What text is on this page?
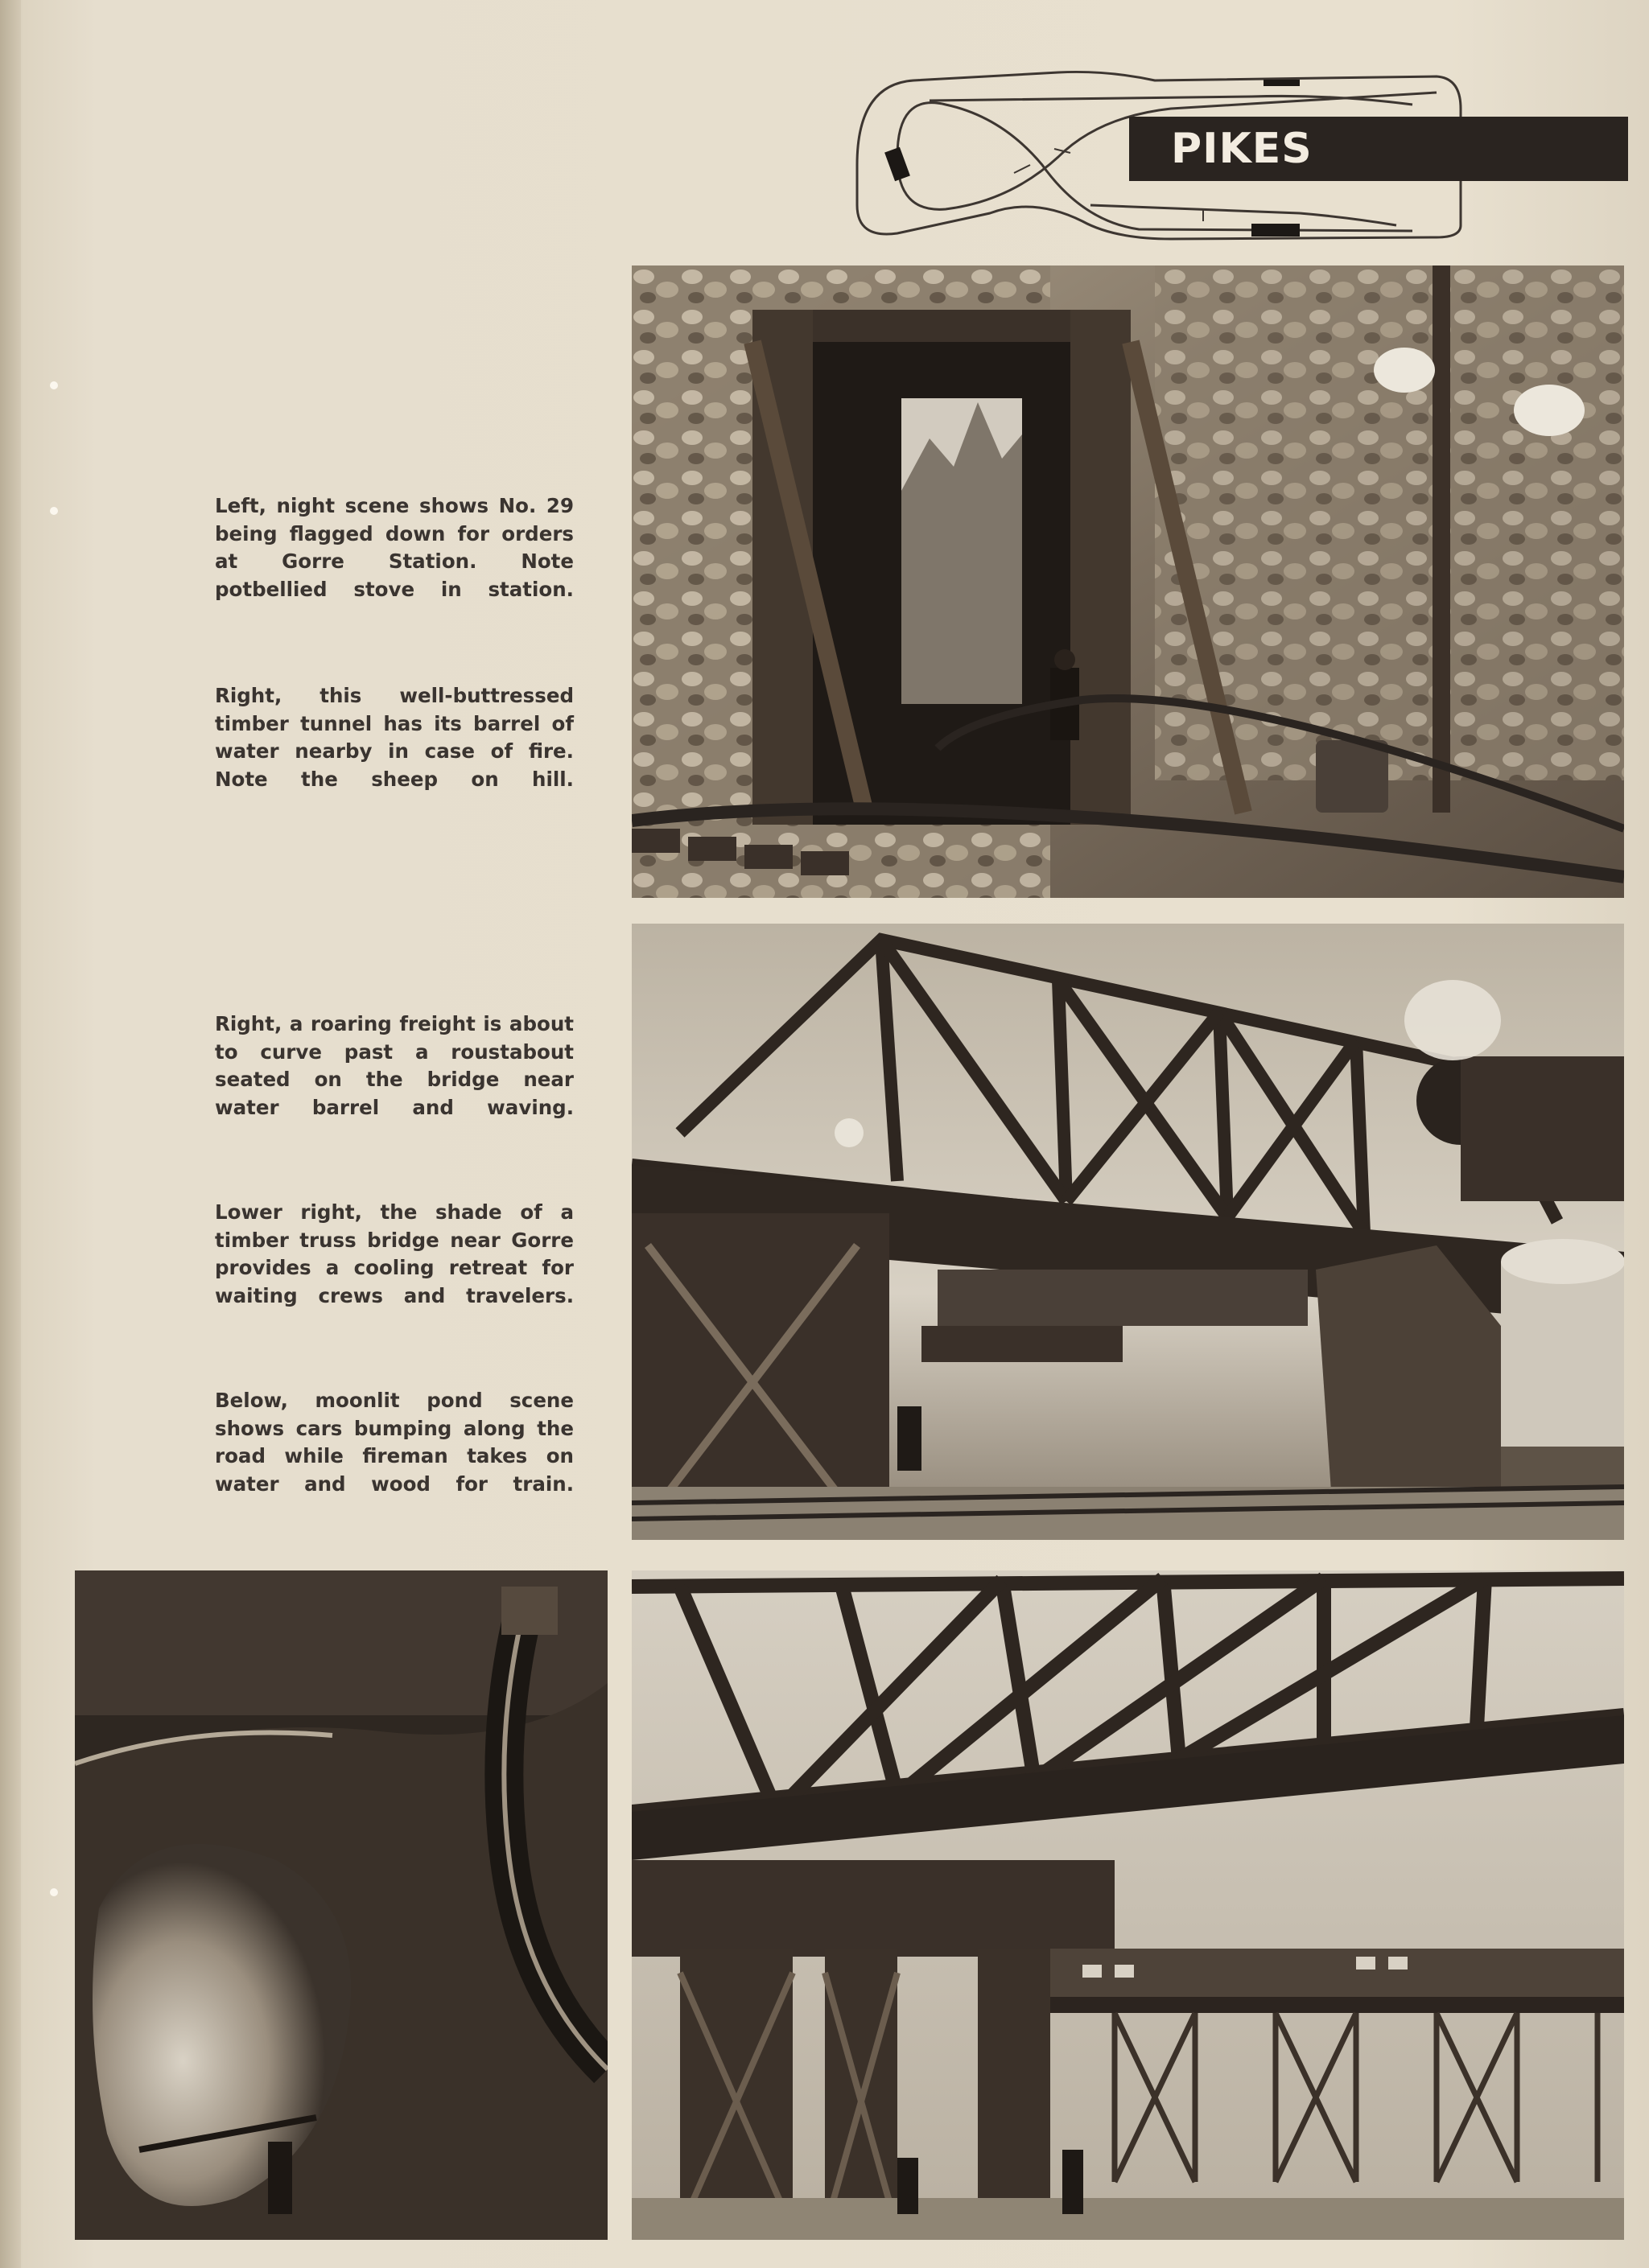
PIKES

Left, night scene shows No. 29 being flagged down for orders at Gorre Station. Note potbellied stove in station.

Right, this well-buttressed timber tunnel has its barrel of water nearby in case of fire. Note the sheep on hill.

Right, a roaring freight is about to curve past a roustabout seated on the bridge near water barrel and waving.

Lower right, the shade of a timber truss bridge near Gorre provides a cooling retreat for waiting crews and travelers.

Below, moonlit pond scene shows cars bumping along the road while fireman takes on water and wood for train.
